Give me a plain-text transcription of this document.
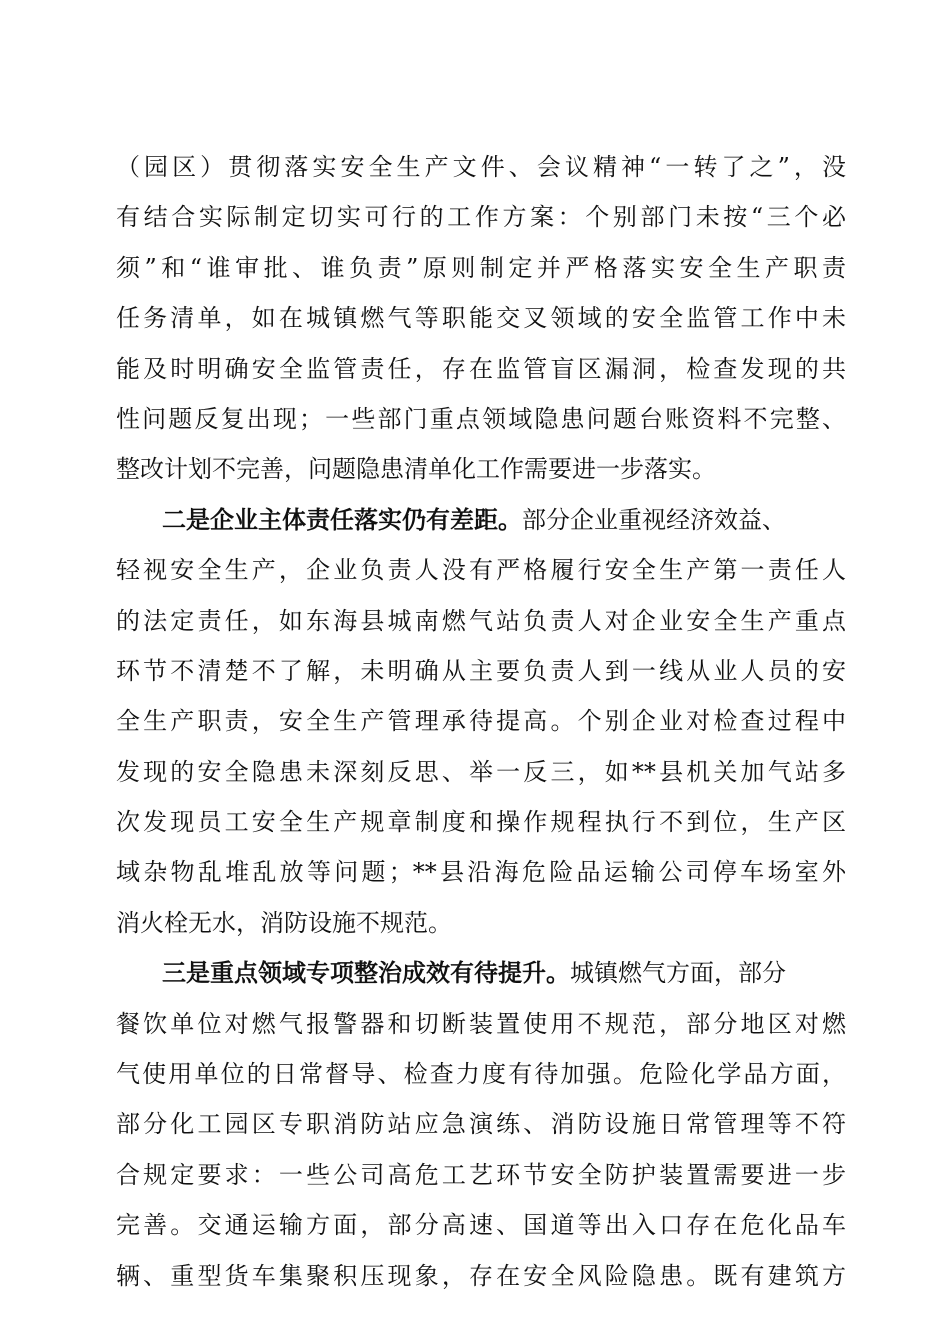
（园区）贯彻落实安全生产文件、会议精神“一转了之”，没
有结合实际制定切实可行的工作方案：个别部门未按“三个必
须”和“谁审批、谁负责”原则制定并严格落实安全生产职责
任务清单，如在城镇燃气等职能交叉领域的安全监管工作中未
能及时明确安全监管责任，存在监管盲区漏洞，检查发现的共
性问题反复出现；一些部门重点领域隐患问题台账资料不完整、
整改计划不完善，问题隐患清单化工作需要进一步落实。
二是企业主体责任落实仍有差距。部分企业重视经济效益、
轻视安全生产，企业负责人没有严格履行安全生产第一责任人
的法定责任，如东海县城南燃气站负责人对企业安全生产重点
环节不清楚不了解，未明确从主要负责人到一线从业人员的安
全生产职责，安全生产管理承待提高。个别企业对检查过程中
发现的安全隐患未深刻反思、举一反三，如**县机关加气站多
次发现员工安全生产规章制度和操作规程执行不到位，生产区
域杂物乱堆乱放等问题；**县沿海危险品运输公司停车场室外
消火栓无水，消防设施不规范。
三是重点领域专项整治成效有待提升。城镇燃气方面，部分
餐饮单位对燃气报警器和切断装置使用不规范，部分地区对燃
气使用单位的日常督导、检查力度有待加强。危险化学品方面，
部分化工园区专职消防站应急演练、消防设施日常管理等不符
合规定要求：一些公司高危工艺环节安全防护装置需要进一步
完善。交通运输方面，部分高速、国道等出入口存在危化品车
辆、重型货车集聚积压现象，存在安全风险隐患。既有建筑方
